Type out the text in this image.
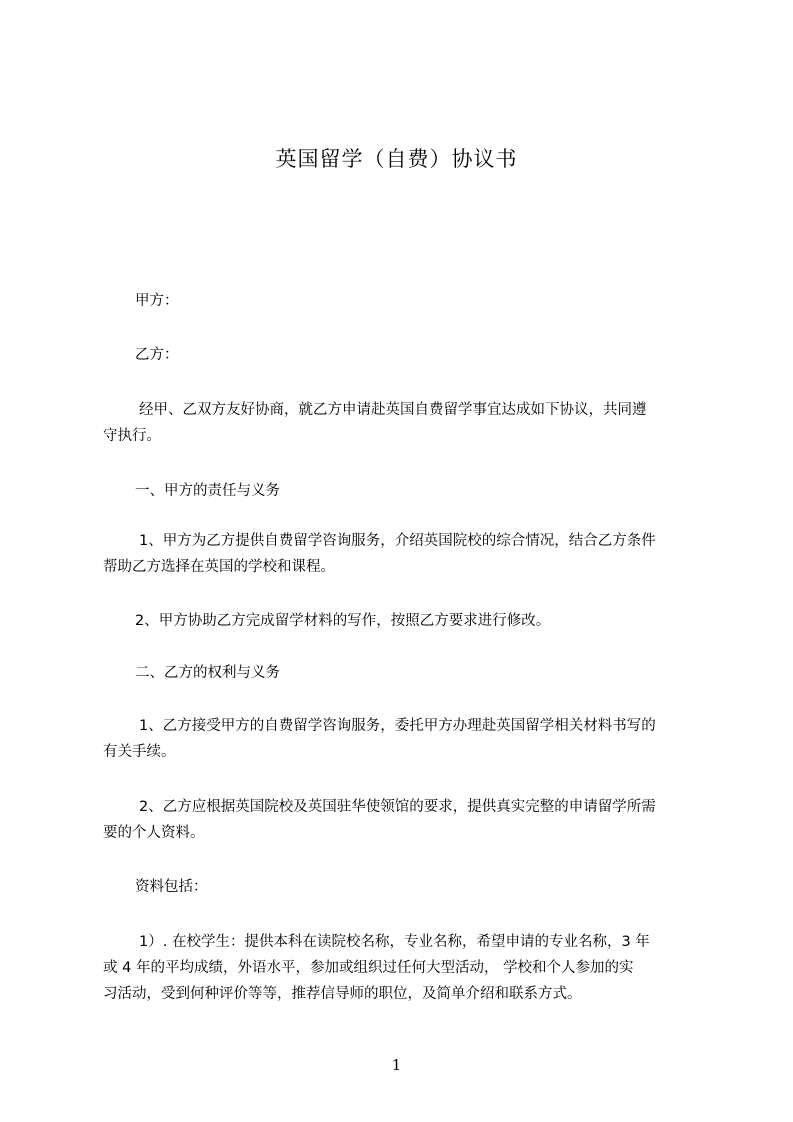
英国留学（自费）协议书
甲方：
乙方：
经甲、乙双方友好协商，就乙方申请赴英国自费留学事宜达成如下协议，共同遵
守执行。
一、甲方的责任与义务
1、甲方为乙方提供自费留学咨询服务，介绍英国院校的综合情况，结合乙方条件
帮助乙方选择在英国的学校和课程。
2、甲方协助乙方完成留学材料的写作，按照乙方要求进行修改。
二、乙方的权利与义务
1、乙方接受甲方的自费留学咨询服务，委托甲方办理赴英国留学相关材料书写的
有关手续。
2、乙方应根据英国院校及英国驻华使领馆的要求，提供真实完整的申请留学所需
要的个人资料。
资料包括：
1）. 在校学生：提供本科在读院校名称，专业名称，希望申请的专业名称，3 年
或 4 年的平均成绩，外语水平，参加或组织过任何大型活动， 学校和个人参加的实
习活动，受到何种评价等等，推荐信导师的职位，及简单介绍和联系方式。
1
